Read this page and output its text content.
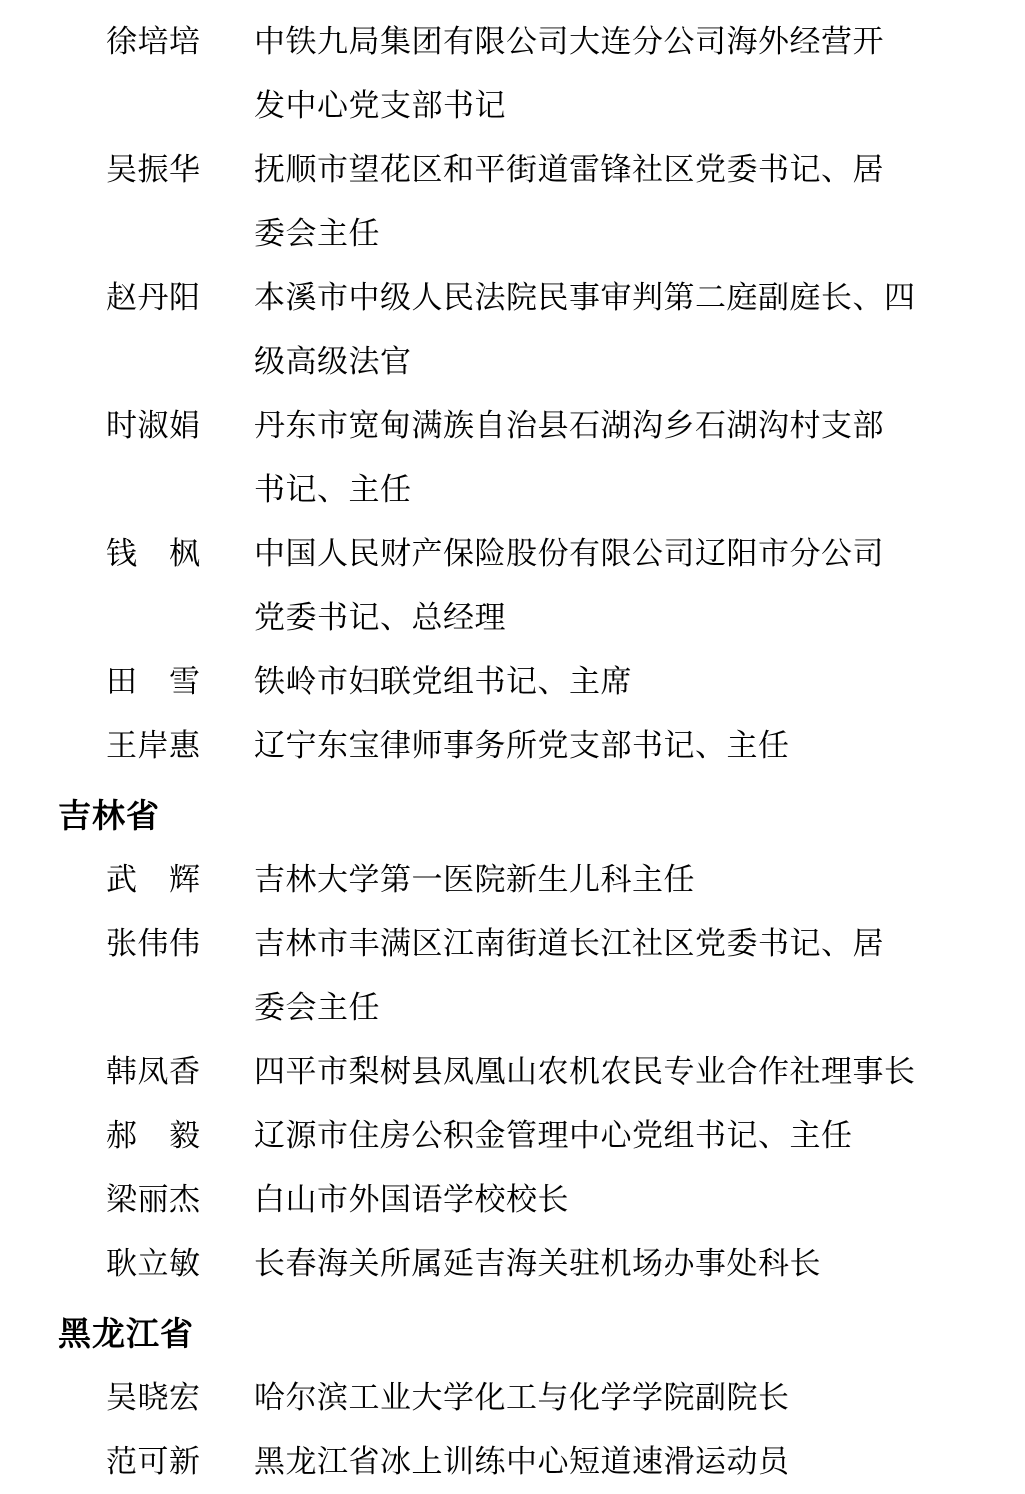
徐培培	中铁九局集团有限公司大连分公司海外经营开
发中心党支部书记
吴振华	抚顺市望花区和平街道雷锋社区党委书记、居
委会主任
赵丹阳	本溪市中级人民法院民事审判第二庭副庭长、四
级高级法官
时淑娟	丹东市宽甸满族自治县石湖沟乡石湖沟村支部
书记、主任
钱　枫	中国人民财产保险股份有限公司辽阳市分公司
党委书记、总经理
田　雪	铁岭市妇联党组书记、主席
王岸惠	辽宁东宝律师事务所党支部书记、主任
吉林省
武　辉	吉林大学第一医院新生儿科主任
张伟伟	吉林市丰满区江南街道长江社区党委书记、居
委会主任
韩凤香	四平市梨树县凤凰山农机农民专业合作社理事长
郝　毅	辽源市住房公积金管理中心党组书记、主任
梁丽杰	白山市外国语学校校长
耿立敏	长春海关所属延吉海关驻机场办事处科长
黑龙江省
吴晓宏	哈尔滨工业大学化工与化学学院副院长
范可新	黑龙江省冰上训练中心短道速滑运动员
